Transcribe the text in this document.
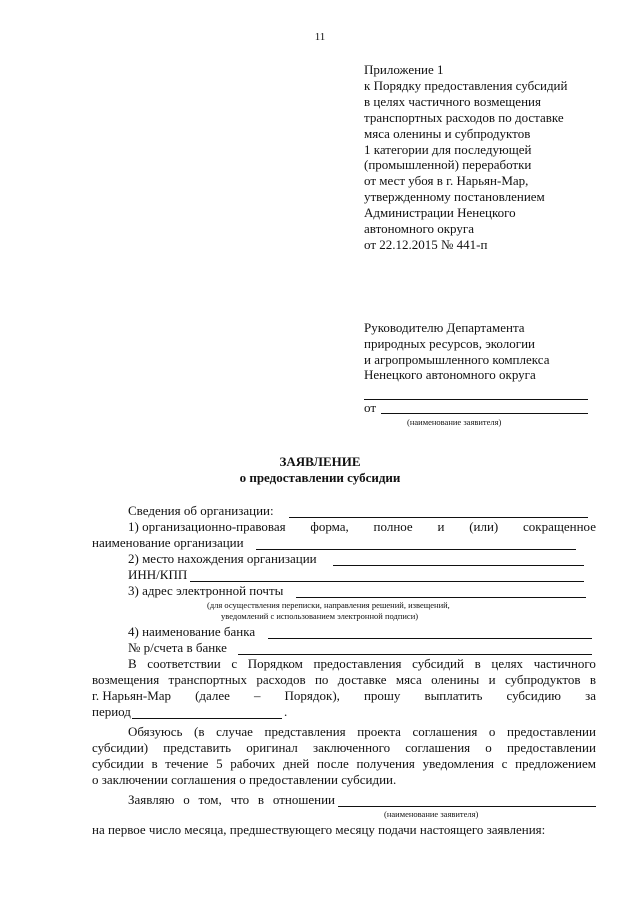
11
Приложение 1
к Порядку предоставления субсидий
в целях частичного возмещения
транспортных расходов по доставке
мяса оленины и субпродуктов
1 категории для последующей
(промышленной) переработки
от мест убоя в г. Нарьян-Мар,
утвержденному постановлением
Администрации Ненецкого
автономного округа
от 22.12.2015 № 441-п
Руководителю Департамента
природных ресурсов, экологии
и агропромышленного комплекса
Ненецкого автономного округа
от
(наименование заявителя)
ЗАЯВЛЕНИЕ
о предоставлении субсидии
Сведения об организации:
1) организационно-правовая форма, полное и (или) сокращенное
наименование организации
2) место нахождения организации
ИНН/КПП
3) адрес электронной почты
(для осуществления переписки, направления решений, извещений,
уведомлений с использованием электронной подписи)
4) наименование банка
№ р/счета в банке
В соответствии с Порядком предоставления субсидий в целях частичного
возмещения транспортных расходов по доставке мяса оленины и субпродуктов в
г. Нарьян-Мар (далее – Порядок), прошу выплатить субсидию за
период	.
Обязуюсь (в случае представления проекта соглашения о предоставлении
субсидии) представить оригинал заключенного соглашения о предоставлении
субсидии в течение 5 рабочих дней после получения уведомления с предложением
о заключении соглашения о предоставлении субсидии.
Заявляю о том, что в отношении
(наименование заявителя)
на первое число месяца, предшествующего месяцу подачи настоящего заявления:
